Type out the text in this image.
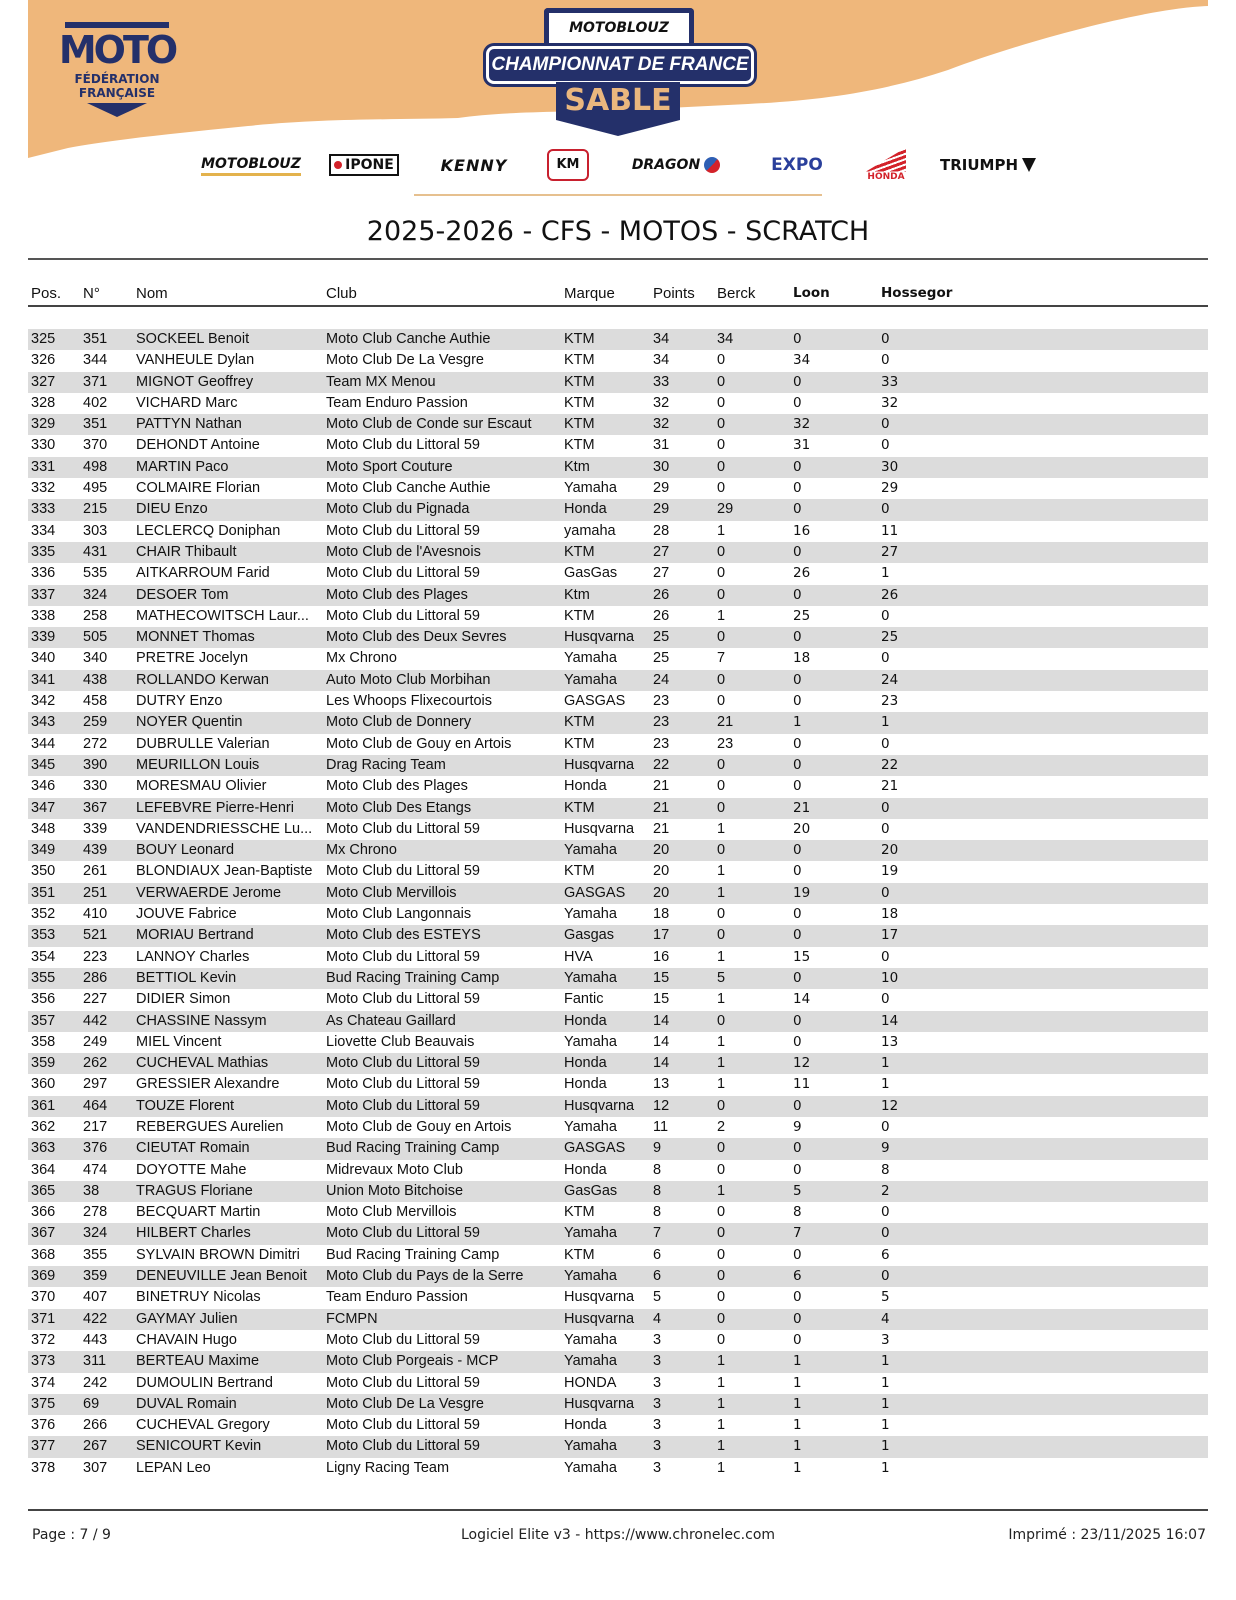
MOTO
FÉDÉRATION
FRANÇAISE
MOTOBLOUZ
CHAMPIONNAT DE FRANCE
SABLE
MOTOBLOUZ	IPONE	KENNY	KM	DRAGON	EXPO
HONDA
TRIUMPH
2025-2026 - CFS - MOTOS - SCRATCH
Pos.	N°	Nom	Club	Marque	Points	Berck	Loon	Hossegor	

325	351	SOCKEEL Benoit	Moto Club Canche Authie	KTM	34	34	0	0	
326	344	VANHEULE Dylan	Moto Club De La Vesgre	KTM	34	0	34	0	
327	371	MIGNOT Geoffrey	Team MX Menou	KTM	33	0	0	33	
328	402	VICHARD Marc	Team Enduro Passion	KTM	32	0	0	32	
329	351	PATTYN Nathan	Moto Club de Conde sur Escaut	KTM	32	0	32	0	
330	370	DEHONDT Antoine	Moto Club du Littoral 59	KTM	31	0	31	0	
331	498	MARTIN Paco	Moto Sport Couture	Ktm	30	0	0	30	
332	495	COLMAIRE Florian	Moto Club Canche Authie	Yamaha	29	0	0	29	
333	215	DIEU Enzo	Moto Club du Pignada	Honda	29	29	0	0	
334	303	LECLERCQ Doniphan	Moto Club du Littoral 59	yamaha	28	1	16	11	
335	431	CHAIR Thibault	Moto Club de l'Avesnois	KTM	27	0	0	27	
336	535	AITKARROUM Farid	Moto Club du Littoral 59	GasGas	27	0	26	1	
337	324	DESOER Tom	Moto Club des Plages	Ktm	26	0	0	26	
338	258	MATHECOWITSCH Laur...	Moto Club du Littoral 59	KTM	26	1	25	0	
339	505	MONNET Thomas	Moto Club des Deux Sevres	Husqvarna	25	0	0	25	
340	340	PRETRE Jocelyn	Mx Chrono	Yamaha	25	7	18	0	
341	438	ROLLANDO Kerwan	Auto Moto Club Morbihan	Yamaha	24	0	0	24	
342	458	DUTRY Enzo	Les Whoops Flixecourtois	GASGAS	23	0	0	23	
343	259	NOYER Quentin	Moto Club de Donnery	KTM	23	21	1	1	
344	272	DUBRULLE Valerian	Moto Club de Gouy en Artois	KTM	23	23	0	0	
345	390	MEURILLON Louis	Drag Racing Team	Husqvarna	22	0	0	22	
346	330	MORESMAU Olivier	Moto Club des Plages	Honda	21	0	0	21	
347	367	LEFEBVRE Pierre-Henri	Moto Club Des Etangs	KTM	21	0	21	0	
348	339	VANDENDRIESSCHE Lu...	Moto Club du Littoral 59	Husqvarna	21	1	20	0	
349	439	BOUY Leonard	Mx Chrono	Yamaha	20	0	0	20	
350	261	BLONDIAUX Jean-Baptiste	Moto Club du Littoral 59	KTM	20	1	0	19	
351	251	VERWAERDE Jerome	Moto Club Mervillois	GASGAS	20	1	19	0	
352	410	JOUVE Fabrice	Moto Club Langonnais	Yamaha	18	0	0	18	
353	521	MORIAU Bertrand	Moto Club des ESTEYS	Gasgas	17	0	0	17	
354	223	LANNOY Charles	Moto Club du Littoral 59	HVA	16	1	15	0	
355	286	BETTIOL Kevin	Bud Racing Training Camp	Yamaha	15	5	0	10	
356	227	DIDIER Simon	Moto Club du Littoral 59	Fantic	15	1	14	0	
357	442	CHASSINE Nassym	As Chateau Gaillard	Honda	14	0	0	14	
358	249	MIEL Vincent	Liovette Club Beauvais	Yamaha	14	1	0	13	
359	262	CUCHEVAL Mathias	Moto Club du Littoral 59	Honda	14	1	12	1	
360	297	GRESSIER Alexandre	Moto Club du Littoral 59	Honda	13	1	11	1	
361	464	TOUZE Florent	Moto Club du Littoral 59	Husqvarna	12	0	0	12	
362	217	REBERGUES Aurelien	Moto Club de Gouy en Artois	Yamaha	11	2	9	0	
363	376	CIEUTAT Romain	Bud Racing Training Camp	GASGAS	9	0	0	9	
364	474	DOYOTTE Mahe	Midrevaux Moto Club	Honda	8	0	0	8	
365	38	TRAGUS Floriane	Union Moto Bitchoise	GasGas	8	1	5	2	
366	278	BECQUART Martin	Moto Club Mervillois	KTM	8	0	8	0	
367	324	HILBERT Charles	Moto Club du Littoral 59	Yamaha	7	0	7	0	
368	355	SYLVAIN BROWN Dimitri	Bud Racing Training Camp	KTM	6	0	0	6	
369	359	DENEUVILLE Jean Benoit	Moto Club du Pays de la Serre	Yamaha	6	0	6	0	
370	407	BINETRUY Nicolas	Team Enduro Passion	Husqvarna	5	0	0	5	
371	422	GAYMAY Julien	FCMPN	Husqvarna	4	0	0	4	
372	443	CHAVAIN Hugo	Moto Club du Littoral 59	Yamaha	3	0	0	3	
373	311	BERTEAU Maxime	Moto Club Porgeais - MCP	Yamaha	3	1	1	1	
374	242	DUMOULIN Bertrand	Moto Club du Littoral 59	HONDA	3	1	1	1	
375	69	DUVAL Romain	Moto Club De La Vesgre	Husqvarna	3	1	1	1	
376	266	CUCHEVAL Gregory	Moto Club du Littoral 59	Honda	3	1	1	1	
377	267	SENICOURT Kevin	Moto Club du Littoral 59	Yamaha	3	1	1	1	
378	307	LEPAN Leo	Ligny Racing Team	Yamaha	3	1	1	1	
Page : 7 / 9	Logiciel Elite v3 - https://www.chronelec.com	Imprimé : 23/11/2025 16:07
